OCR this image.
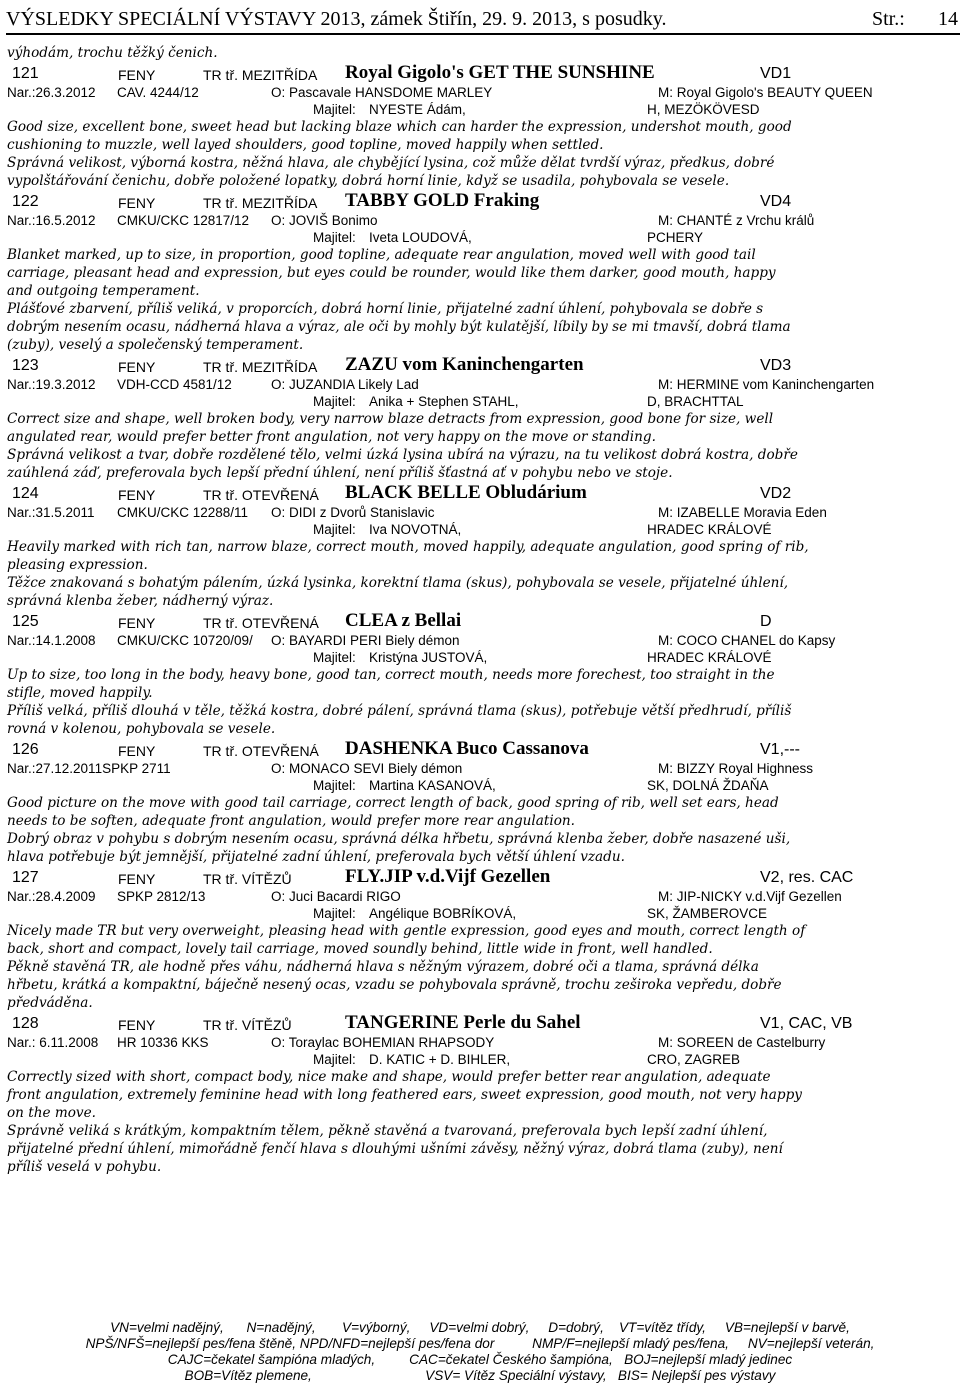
VÝSLEDKY SPECIÁLNÍ VÝSTAVY 2013, zámek Štiřín, 29. 9. 2013, s posudky.	Str.: 14
výhodám, trochu těžký čenich.
121	FENY	TR tř. MEZITŘÍDA Royal Gigolo's GET THE SUNSHINE	VD1
Nar.:26.3.2012 CAV. 4244/12	O: Pascavale HANSDOME MARLEY	M: Royal Gigolo's BEAUTY QUEEN
Majitel: NYESTE Ádám,	H, MEZÖKÖVESD
Good size, excellent bone, sweet head but lacking blaze which can harder the expression, undershot mouth, good
cushioning to muzzle, well layed shoulders, good topline, moved happily when settled.
Správná velikost, výborná kostra, něžná hlava, ale chybějící lysina, což může dělat tvrdší výraz, předkus, dobré
vypolštářování čenichu, dobře položené lopatky, dobrá horní linie, když se usadila, pohybovala se vesele.
122	FENY	TR tř. MEZITŘÍDA TABBY GOLD Fraking	VD4
Nar.:16.5.2012 CMKU/CKC 12817/12 O: JOVIŠ Bonimo	M: CHANTÉ z Vrchu králů
Majitel: Iveta LOUDOVÁ,	PCHERY
Blanket marked, up to size, in proportion, good topline, adequate rear angulation, moved well with good tail
carriage, pleasant head and expression, but eyes could be rounder, would like them darker, good mouth, happy
and outgoing temperament.
Plášťové zbarvení, příliš veliká, v proporcích, dobrá horní linie, přijatelné zadní úhlení, pohybovala se dobře s
dobrým nesením ocasu, nádherná hlava a výraz, ale oči by mohly být kulatější, líbily by se mi tmavší, dobrá tlama
(zuby), veselý a společenský temperament.
123	FENY	TR tř. MEZITŘÍDA ZAZU vom Kaninchengarten	VD3
Nar.:19.3.2012 VDH-CCD 4581/12	O: JUZANDIA Likely Lad	M: HERMINE vom Kaninchengarten
Majitel: Anika + Stephen STAHL,	D, BRACHTTAL
Correct size and shape, well broken body, very narrow blaze detracts from expression, good bone for size, well
angulated rear, would prefer better front angulation, not very happy on the move or standing.
Správná velikost a tvar, dobře rozdělené tělo, velmi úzká lysina ubírá na výrazu, na tu velikost dobrá kostra, dobře
zaúhlená záď, preferovala bych lepší přední úhlení, není příliš šťastná ať v pohybu nebo ve stoje.
124	FENY	TR tř. OTEVŘENÁ BLACK BELLE Obludárium	VD2
Nar.:31.5.2011 CMKU/CKC 12288/11 O: DIDI z Dvorů Stanislavic	M: IZABELLE Moravia Eden
Majitel: Iva NOVOTNÁ,	HRADEC KRÁLOVÉ
Heavily marked with rich tan, narrow blaze, correct mouth, moved happily, adequate angulation, good spring of rib,
pleasing expression.
Těžce znakovaná s bohatým pálením, úzká lysinka, korektní tlama (skus), pohybovala se vesele, přijatelné úhlení,
správná klenba žeber, nádherný výraz.
125	FENY	TR tř. OTEVŘENÁ CLEA z Bellai	D
Nar.:14.1.2008 CMKU/CKC 10720/09/ O: BAYARDI PERI Biely démon	M: COCO CHANEL do Kapsy
Majitel: Kristýna JUSTOVÁ,	HRADEC KRÁLOVÉ
Up to size, too long in the body, heavy bone, good tan, correct mouth, needs more forechest, too straight in the
stifle, moved happily.
Příliš velká, příliš dlouhá v těle, těžká kostra, dobré pálení, správná tlama (skus), potřebuje větší předhrudí, příliš
rovná v kolenou, pohybovala se vesele.
126	FENY	TR tř. OTEVŘENÁ DASHENKA Buco Cassanova	V1,---
Nar.:27.12.2011SPKP 2711	O: MONACO SEVI Biely démon	M: BIZZY Royal Highness
Majitel: Martina KASANOVÁ,	SK, DOLNÁ ŽDAŇA
Good picture on the move with good tail carriage, correct length of back, good spring of rib, well set ears, head
needs to be soften, adequate front angulation, would prefer more rear angulation.
Dobrý obraz v pohybu s dobrým nesením ocasu, správná délka hřbetu, správná klenba žeber, dobře nasazené uši,
hlava potřebuje být jemnější, přijatelné zadní úhlení, preferovala bych větší úhlení vzadu.
127	FENY	TR tř. VÍTĚZŮ	FLY.JIP v.d.Vijf Gezellen	V2, res. CAC
Nar.:28.4.2009 SPKP 2812/13	O: Juci Bacardi RIGO	M: JIP-NICKY v.d.Vijf Gezellen
Majitel: Angélique BOBRÍKOVÁ,	SK, ŽAMBEROVCE
Nicely made TR but very overweight, pleasing head with gentle expression, good eyes and mouth, correct length of
back, short and compact, lovely tail carriage, moved soundly behind, little wide in front, well handled.
Pěkně stavěná TR, ale hodně přes váhu, nádherná hlava s něžným výrazem, dobré oči a tlama, správná délka
hřbetu, krátká a kompaktní, báječně nesený ocas, vzadu se pohybovala správně, trochu zeširoka vepředu, dobře
předváděna.
128	FENY	TR tř. VÍTĚZŮ	TANGERINE Perle du Sahel	V1, CAC, VB
Nar.: 6.11.2008 HR 10336 KKS	O: Toraylac BOHEMIAN RHAPSODY	M: SOREEN de Castelburry
Majitel: D. KATIC + D. BIHLER,	CRO, ZAGREB
Correctly sized with short, compact body, nice make and shape, would prefer better rear angulation, adequate
front angulation, extremely feminine head with long feathered ears, sweet expression, good mouth, not very happy
on the move.
Správně veliká s krátkým, kompaktním tělem, pěkně stavěná a tvarovaná, preferovala bych lepší zadní úhlení,
přijatelné přední úhlení, mimořádně fenčí hlava s dlouhými ušními závěsy, něžný výraz, dobrá tlama (zuby), není
příliš veselá v pohybu.
VN=velmi nadějný,      N=nadějný,       V=výborný,     VD=velmi dobrý,     D=dobrý,    VT=vítěz třídy,     VB=nejlepší v barvě,
NPŠ/NFŠ=nejlepší pes/fena štěně, NPD/NFD=nejlepší pes/fena dor          NMP/F=nejlepší mladý pes/fena,     NV=nejlepší veterán,
CAJC=čekatel šampióna mladých,         CAC=čekatel Českého šampióna,   BOJ=nejlepší mladý jedinec
BOB=Vítěz plemene,                              VSV= Vítěz Speciální výstavy,   BIS= Nejlepší pes výstavy
